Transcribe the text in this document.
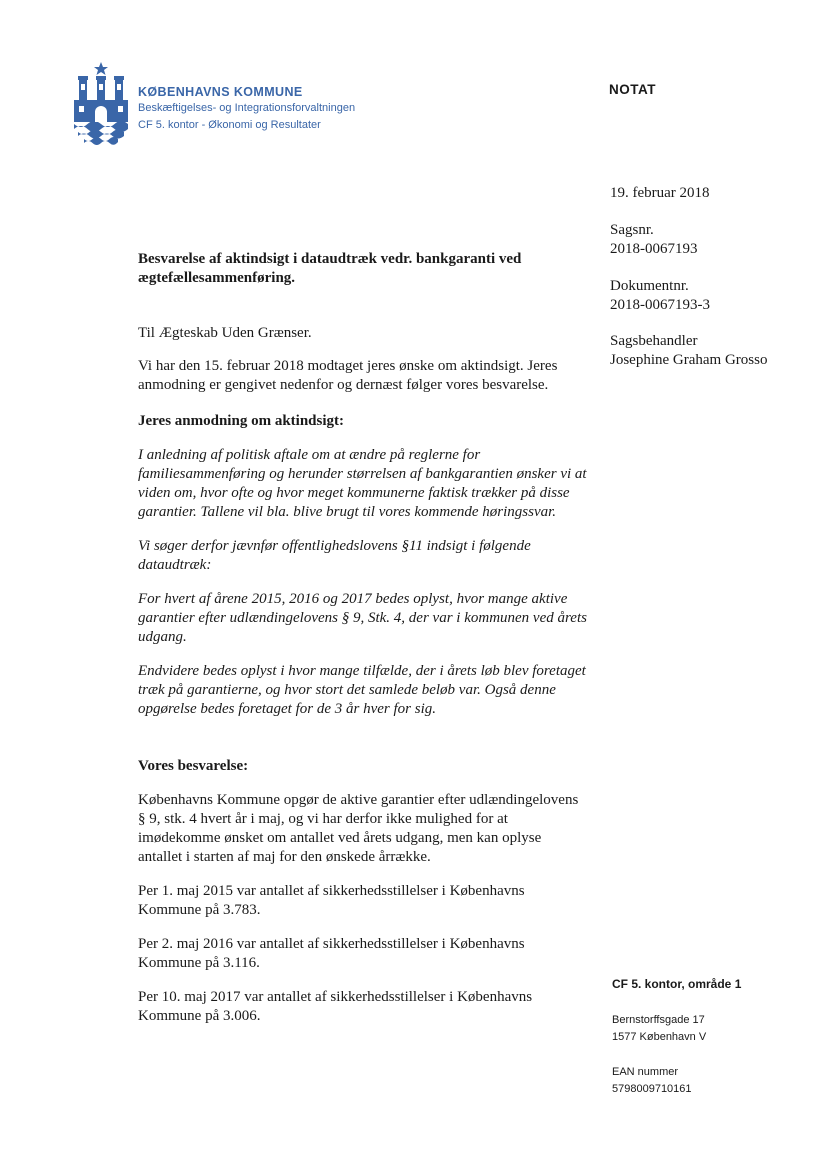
KØBENHAVNS KOMMUNE
Beskæftigelses- og Integrationsforvaltningen
CF 5. kontor - Økonomi og Resultater
NOTAT
19. februar 2018
Sagsnr.
2018-0067193
Dokumentnr.
2018-0067193-3
Sagsbehandler
Josephine Graham Grosso

Besvarelse af aktindsigt i dataudtræk vedr. bankgaranti ved ægtefællesammenføring.

Til Ægteskab Uden Grænser.

Vi har den 15. februar 2018 modtaget jeres ønske om aktindsigt. Jeres anmodning er gengivet nedenfor og dernæst følger vores besvarelse.

Jeres anmodning om aktindsigt:

I anledning af politisk aftale om at ændre på reglerne for familiesammenføring og herunder størrelsen af bankgarantien ønsker vi at viden om, hvor ofte og hvor meget kommunerne faktisk trækker på disse garantier. Tallene vil bla. blive brugt til vores kommende høringssvar.

Vi søger derfor jævnfør offentlighedslovens §11 indsigt i følgende dataudtræk:

For hvert af årene 2015, 2016 og 2017 bedes oplyst, hvor mange aktive garantier efter udlændingelovens § 9, Stk. 4, der var i kommunen ved årets udgang.

Endvidere bedes oplyst i hvor mange tilfælde, der i årets løb blev foretaget træk på garantierne, og hvor stort det samlede beløb var. Også denne opgørelse bedes foretaget for de 3 år hver for sig.

Vores besvarelse:

Københavns Kommune opgør de aktive garantier efter udlændingelovens § 9, stk. 4 hvert år i maj, og vi har derfor ikke mulighed for at imødekomme ønsket om antallet ved årets udgang, men kan oplyse antallet i starten af maj for den ønskede årrække.

Per 1. maj 2015 var antallet af sikkerhedsstillelser i Københavns Kommune på 3.783.

Per 2. maj 2016 var antallet af sikkerhedsstillelser i Københavns Kommune på 3.116.

Per 10. maj 2017 var antallet af sikkerhedsstillelser i Københavns Kommune på 3.006.

CF 5. kontor, område 1
Bernstorffsgade 17
1577 København V
EAN nummer
5798009710161
